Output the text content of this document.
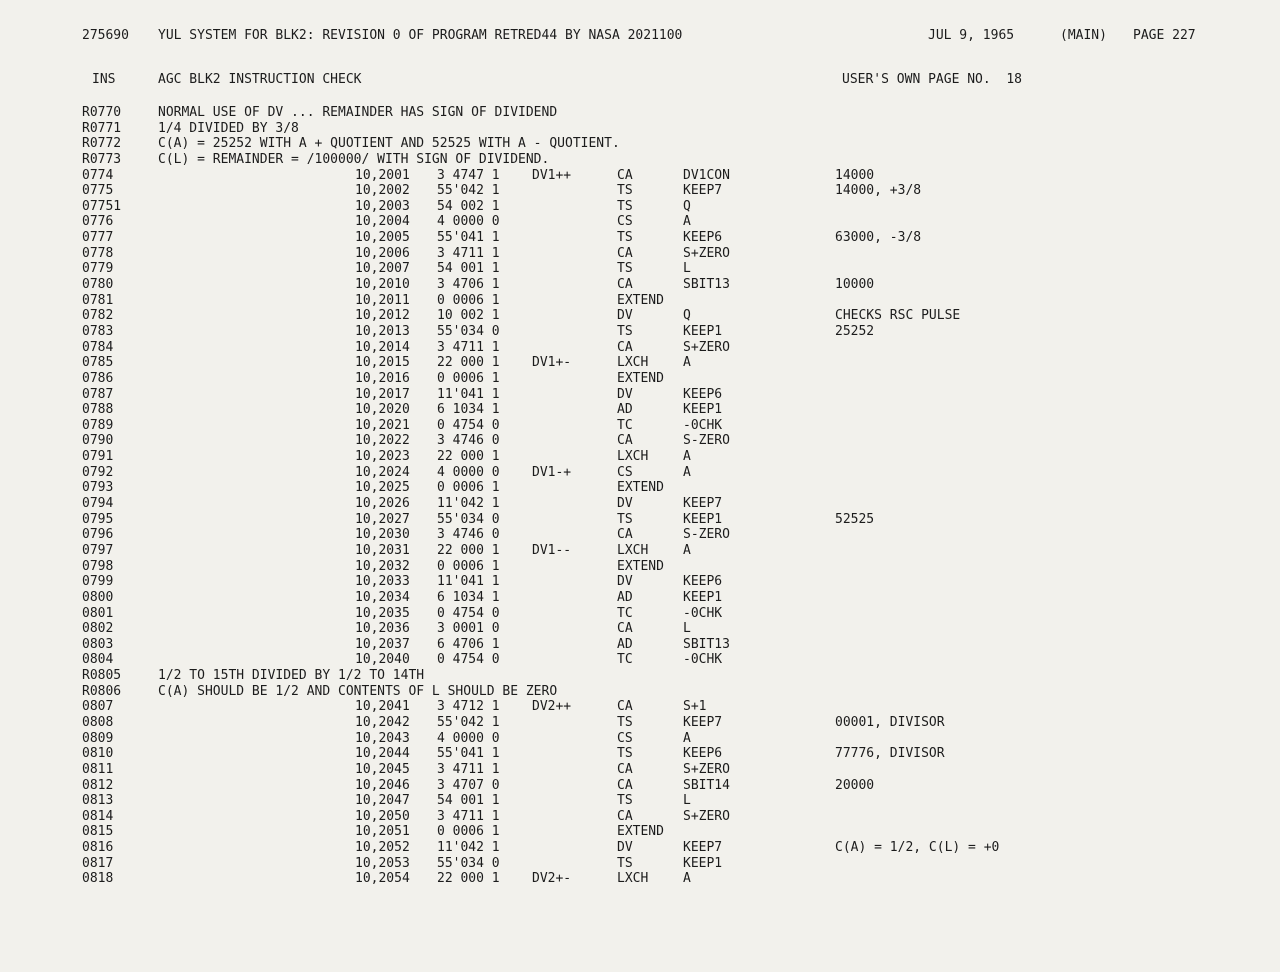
275690 YUL SYSTEM FOR BLK2: REVISION 0 OF PROGRAM RETRED44 BY NASA 2021100	JUL 9, 1965	(MAIN) PAGE 227
INS	AGC BLK2 INSTRUCTION CHECK	USER'S OWN PAGE NO.  18
R0770	NORMAL USE OF DV ... REMAINDER HAS SIGN OF DIVIDEND
R0771	1/4 DIVIDED BY 3/8
R0772	C(A) = 25252 WITH A + QUOTIENT AND 52525 WITH A - QUOTIENT.
R0773	C(L) = REMAINDER = /100000/ WITH SIGN OF DIVIDEND.
0774	10,2001 3 4747 1 DV1++	CA	DV1CON	14000
0775	10,2002 55'042 1	TS	KEEP7	14000, +3/8
07751	10,2003 54 002 1	TS	Q
0776	10,2004 4 0000 0	CS	A
0777	10,2005 55'041 1	TS	KEEP6	63000, -3/8
0778	10,2006 3 4711 1	CA	S+ZERO
0779	10,2007 54 001 1	TS	L
0780	10,2010 3 4706 1	CA	SBIT13	10000
0781	10,2011 0 0006 1	EXTEND
0782	10,2012 10 002 1	DV	Q	CHECKS RSC PULSE
0783	10,2013 55'034 0	TS	KEEP1	25252
0784	10,2014 3 4711 1	CA	S+ZERO
0785	10,2015 22 000 1 DV1+-	LXCH	A
0786	10,2016 0 0006 1	EXTEND
0787	10,2017 11'041 1	DV	KEEP6
0788	10,2020 6 1034 1	AD	KEEP1
0789	10,2021 0 4754 0	TC	-0CHK
0790	10,2022 3 4746 0	CA	S-ZERO
0791	10,2023 22 000 1	LXCH	A
0792	10,2024 4 0000 0 DV1-+	CS	A
0793	10,2025 0 0006 1	EXTEND
0794	10,2026 11'042 1	DV	KEEP7
0795	10,2027 55'034 0	TS	KEEP1	52525
0796	10,2030 3 4746 0	CA	S-ZERO
0797	10,2031 22 000 1 DV1--	LXCH	A
0798	10,2032 0 0006 1	EXTEND
0799	10,2033 11'041 1	DV	KEEP6
0800	10,2034 6 1034 1	AD	KEEP1
0801	10,2035 0 4754 0	TC	-0CHK
0802	10,2036 3 0001 0	CA	L
0803	10,2037 6 4706 1	AD	SBIT13
0804	10,2040 0 4754 0	TC	-0CHK
R0805	1/2 TO 15TH DIVIDED BY 1/2 TO 14TH
R0806	C(A) SHOULD BE 1/2 AND CONTENTS OF L SHOULD BE ZERO
0807	10,2041 3 4712 1 DV2++	CA	S+1
0808	10,2042 55'042 1	TS	KEEP7	00001, DIVISOR
0809	10,2043 4 0000 0	CS	A
0810	10,2044 55'041 1	TS	KEEP6	77776, DIVISOR
0811	10,2045 3 4711 1	CA	S+ZERO
0812	10,2046 3 4707 0	CA	SBIT14	20000
0813	10,2047 54 001 1	TS	L
0814	10,2050 3 4711 1	CA	S+ZERO
0815	10,2051 0 0006 1	EXTEND
0816	10,2052 11'042 1	DV	KEEP7	C(A) = 1/2, C(L) = +0
0817	10,2053 55'034 0	TS	KEEP1
0818	10,2054 22 000 1 DV2+-	LXCH	A
